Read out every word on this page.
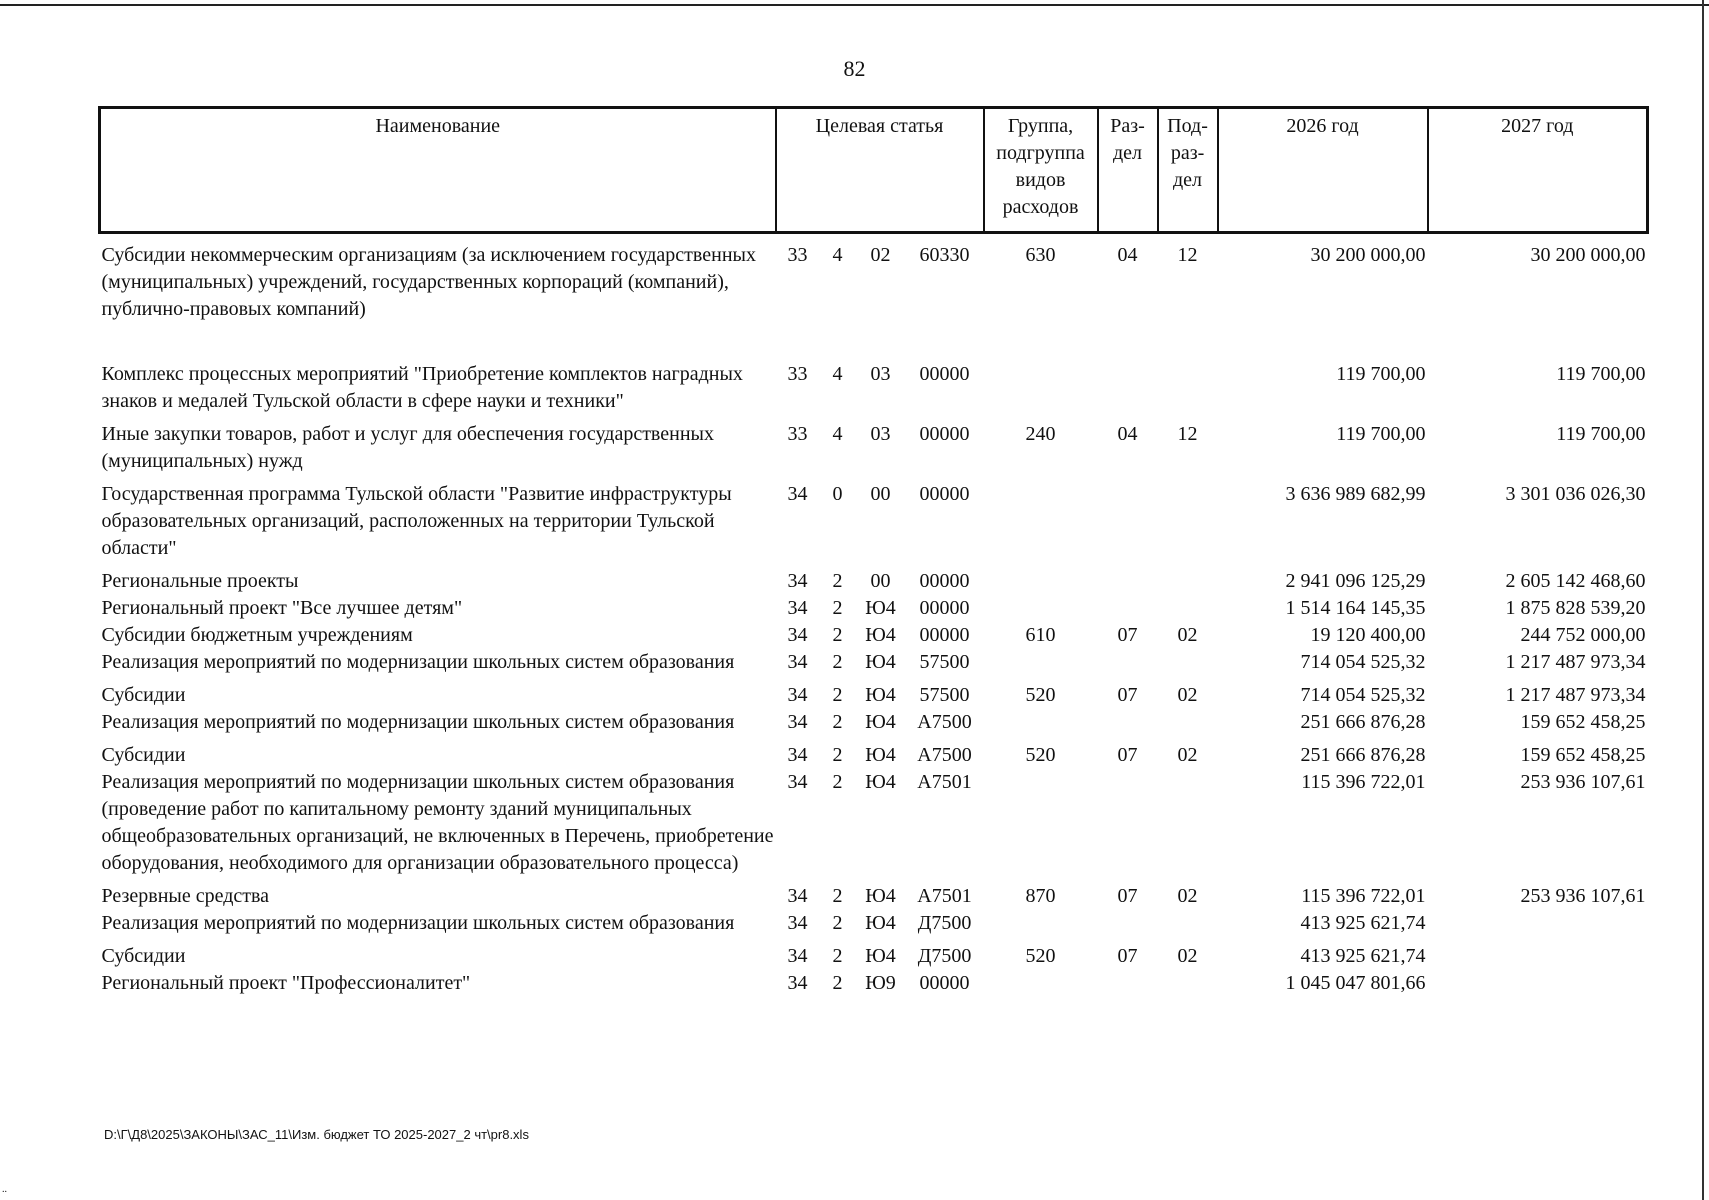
82
Наименование	Целевая статья				Группа, подгруппа видов расходов	Раз- дел	Под- раз- дел	2026 год	2027 год
Субсидии некоммерческим организациям (за исключением государственных (муниципальных) учреждений, государственных корпораций (компаний), публично-правовых компаний)	33	4	02	60330	630	04	12	30 200 000,00	30 200 000,00
Комплекс процессных мероприятий "Приобретение комплектов наградных знаков и медалей Тульской области в сфере науки и техники"	33	4	03	00000				119 700,00	119 700,00
Иные закупки товаров, работ и услуг для обеспечения государственных (муниципальных) нужд	33	4	03	00000	240	04	12	119 700,00	119 700,00
Государственная программа Тульской области "Развитие инфраструктуры образовательных организаций, расположенных на территории Тульской области"	34	0	00	00000				3 636 989 682,99	3 301 036 026,30
Региональные проекты	34	2	00	00000				2 941 096 125,29	2 605 142 468,60
Региональный проект "Все лучшее детям"	34	2	Ю4	00000				1 514 164 145,35	1 875 828 539,20
Субсидии бюджетным учреждениям	34	2	Ю4	00000	610	07	02	19 120 400,00	244 752 000,00
Реализация мероприятий по модернизации школьных систем образования	34	2	Ю4	57500				714 054 525,32	1 217 487 973,34
Субсидии	34	2	Ю4	57500	520	07	02	714 054 525,32	1 217 487 973,34
Реализация мероприятий по модернизации школьных систем образования	34	2	Ю4	А7500				251 666 876,28	159 652 458,25
Субсидии	34	2	Ю4	А7500	520	07	02	251 666 876,28	159 652 458,25
Реализация мероприятий по модернизации школьных систем образования (проведение работ по капитальному ремонту зданий муниципальных общеобразовательных организаций, не включенных в Перечень, приобретение оборудования, необходимого для организации образовательного процесса)	34	2	Ю4	А7501				115 396 722,01	253 936 107,61
Резервные средства	34	2	Ю4	А7501	870	07	02	115 396 722,01	253 936 107,61
Реализация мероприятий по модернизации школьных систем образования	34	2	Ю4	Д7500				413 925 621,74	
Субсидии	34	2	Ю4	Д7500	520	07	02	413 925 621,74	
Региональный проект "Профессионалитет"	34	2	Ю9	00000				1 045 047 801,66	
D:\Г\Д8\2025\ЗАКОНЫ\ЗАС_11\Изм. бюджет ТО 2025-2027_2 чт\pr8.xls
..
